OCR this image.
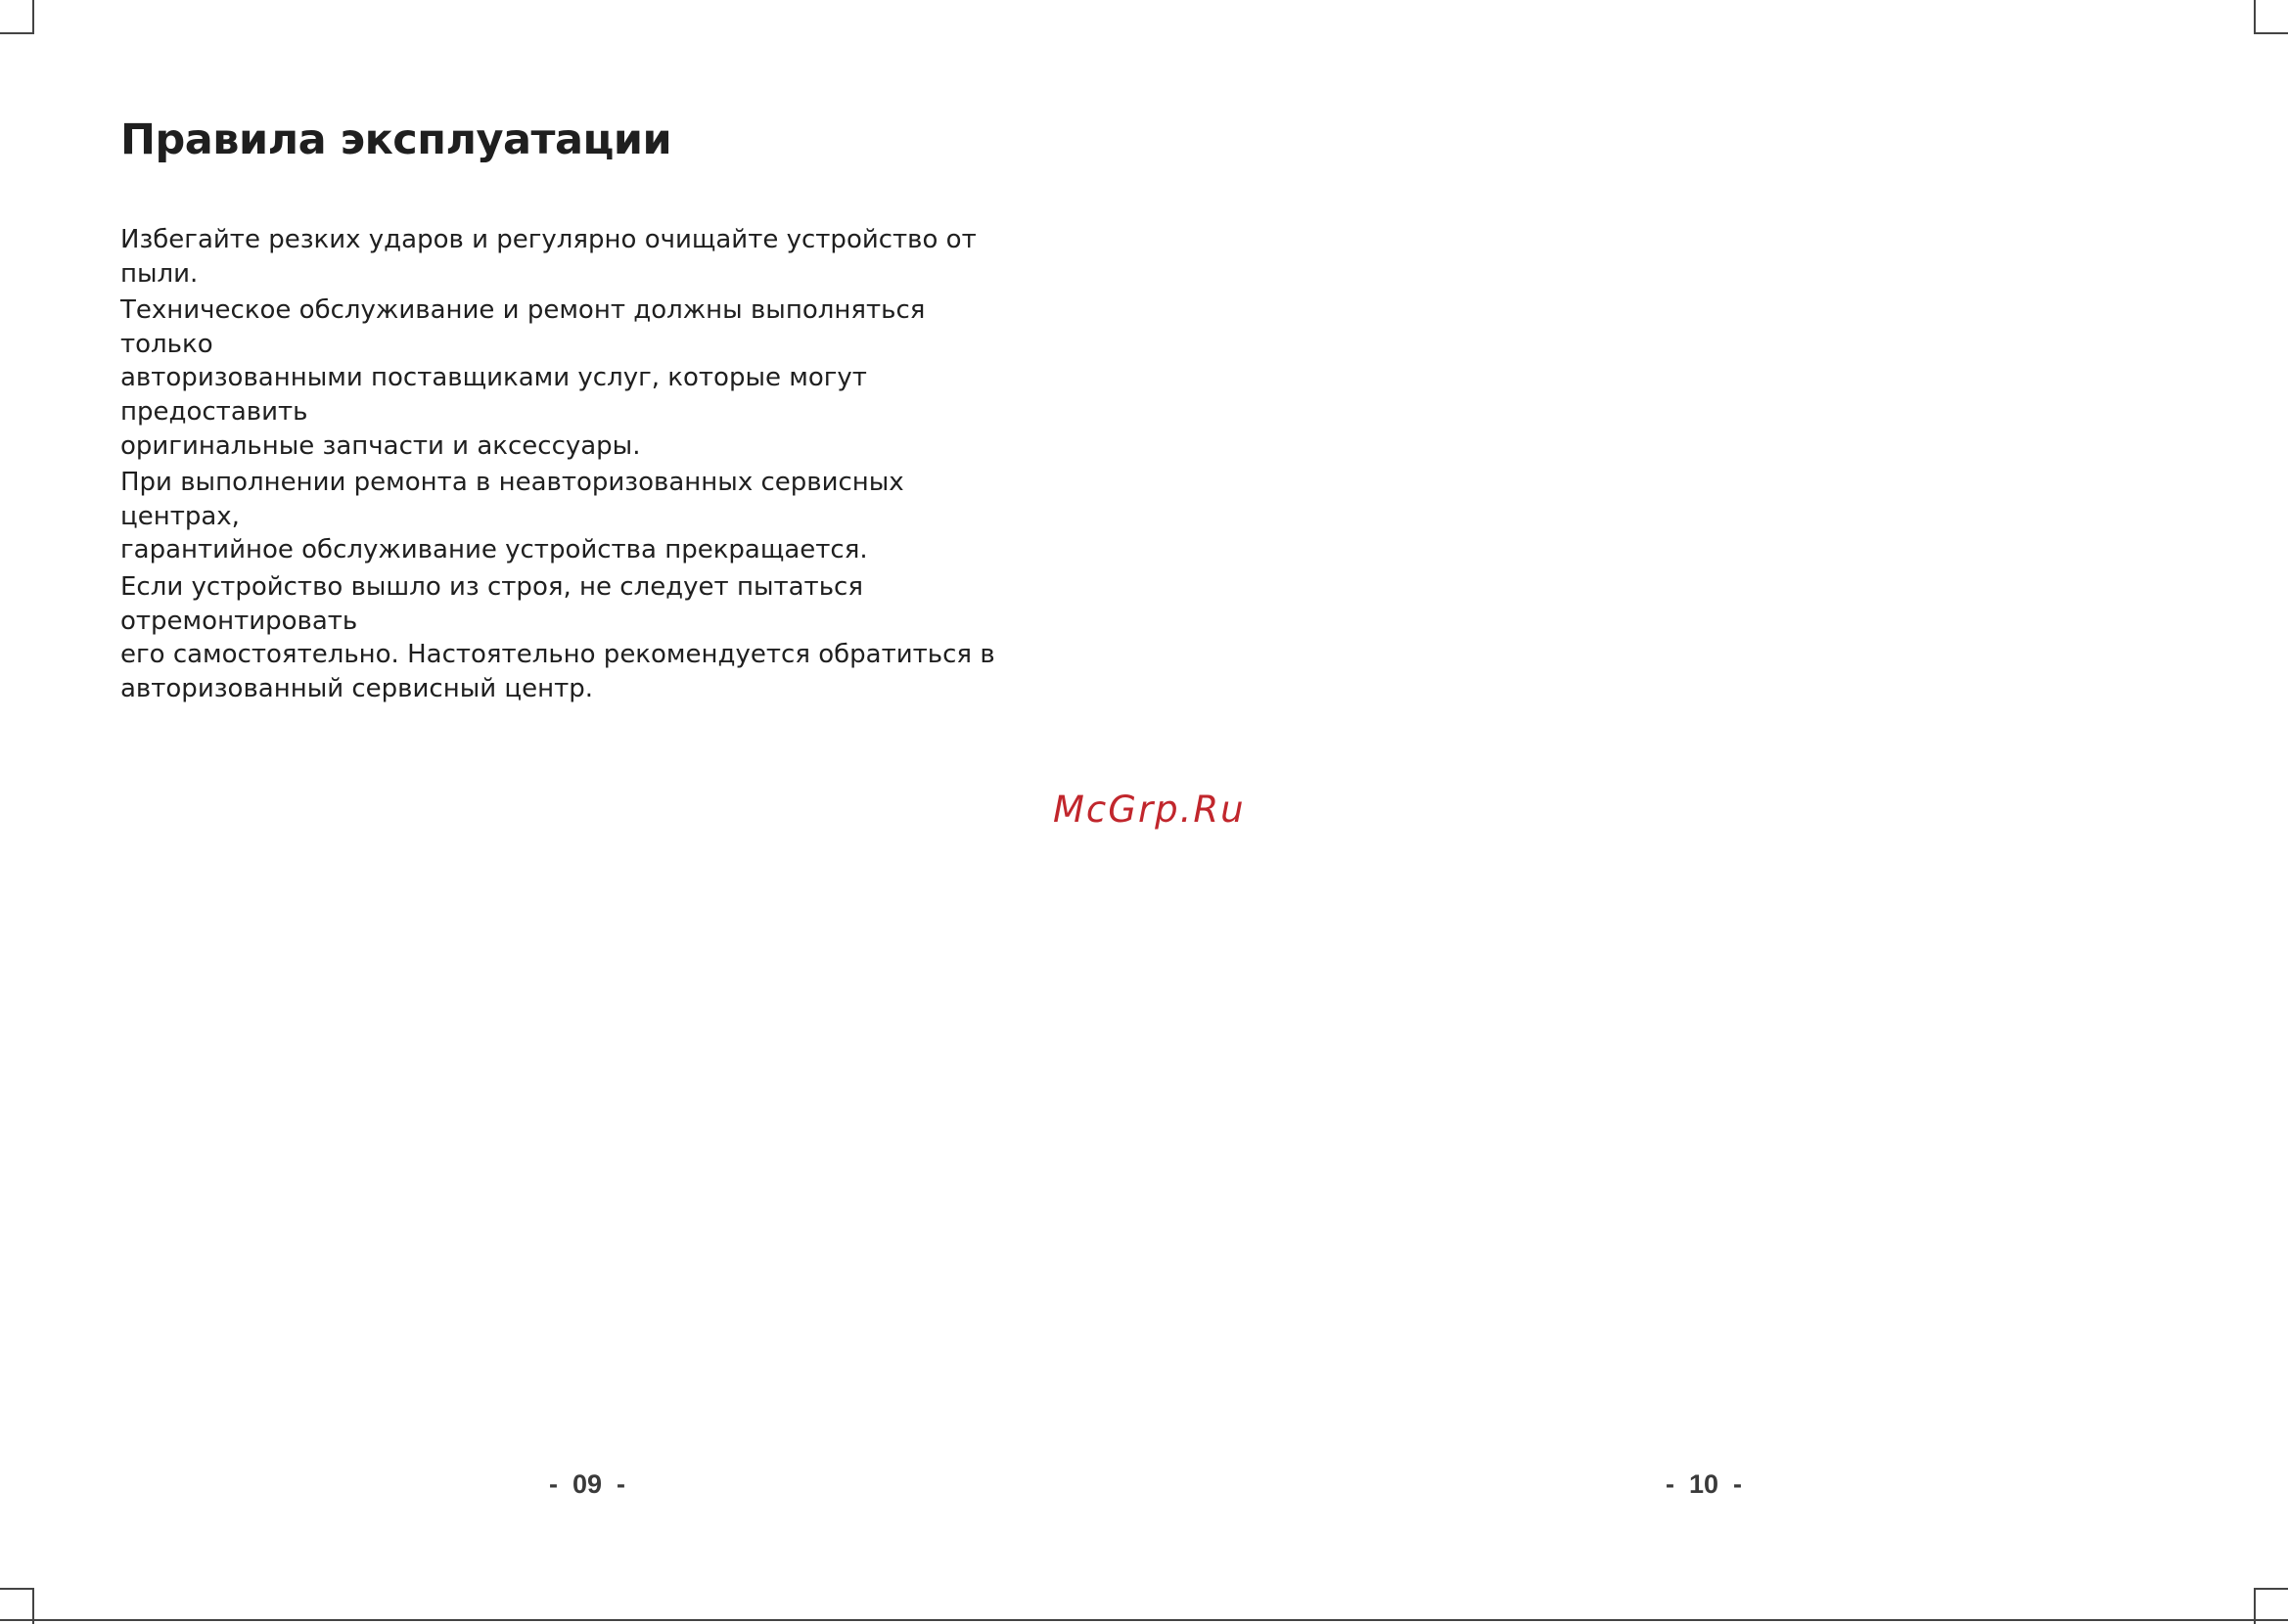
Правила эксплуатации

Избегайте резких ударов и регулярно очищайте устройство от пыли.

Техническое обслуживание и ремонт должны выполняться только
авторизованными поставщиками услуг, которые могут предоставить
оригинальные запчасти и аксессуары.

При выполнении ремонта в неавторизованных сервисных центрах,
гарантийное обслуживание устройства прекращается.

Если устройство вышло из строя, не следует пытаться отремонтировать
его самостоятельно. Настоятельно рекомендуется обратиться в
авторизованный сервисный центр.

-  09  -	-  10  -
McGrp.Ru
